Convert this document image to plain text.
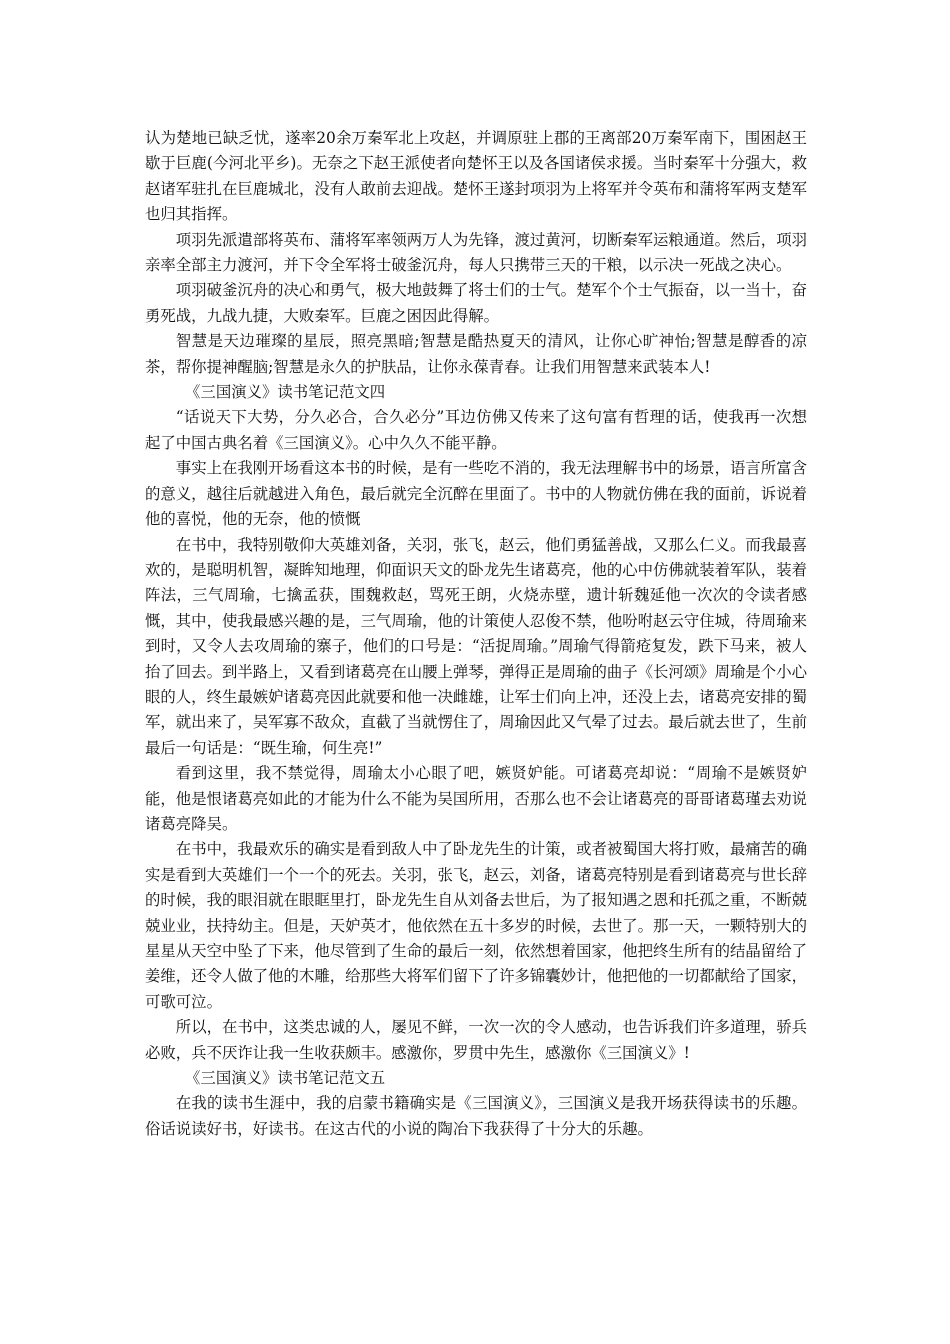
认为楚地已缺乏忧，遂率20余万秦军北上攻赵，并调原驻上郡的王离部20万秦军南下，围困赵王歇于巨鹿(今河北平乡)。无奈之下赵王派使者向楚怀王以及各国诸侯求援。当时秦军十分强大，救赵诸军驻扎在巨鹿城北，没有人敢前去迎战。楚怀王遂封项羽为上将军并令英布和蒲将军两支楚军也归其指挥。

项羽先派遣部将英布、蒲将军率领两万人为先锋，渡过黄河，切断秦军运粮通道。然后，项羽亲率全部主力渡河，并下令全军将士破釜沉舟，每人只携带三天的干粮，以示决一死战之决心。

项羽破釜沉舟的决心和勇气，极大地鼓舞了将士们的士气。楚军个个士气振奋，以一当十，奋勇死战，九战九捷，大败秦军。巨鹿之困因此得解。

智慧是天边璀璨的星辰，照亮黑暗;智慧是酷热夏天的清风，让你心旷神怡;智慧是醇香的凉茶，帮你提神醒脑;智慧是永久的护肤品，让你永葆青春。让我们用智慧来武装本人!

《三国演义》读书笔记范文四

“话说天下大势，分久必合，合久必分”耳边仿佛又传来了这句富有哲理的话，使我再一次想起了中国古典名着《三国演义》。心中久久不能平静。

事实上在我刚开场看这本书的时候，是有一些吃不消的，我无法理解书中的场景，语言所富含的意义，越往后就越进入角色，最后就完全沉醉在里面了。书中的人物就仿佛在我的面前，诉说着他的喜悦，他的无奈，他的愤慨

在书中，我特别敬仰大英雄刘备，关羽，张飞，赵云，他们勇猛善战，又那么仁义。而我最喜欢的，是聪明机智，凝眸知地理，仰面识天文的卧龙先生诸葛亮，他的心中仿佛就装着军队，装着阵法，三气周瑜，七擒孟获，围魏救赵，骂死王朗，火烧赤壁，遗计斩魏延他一次次的令读者感慨，其中，使我最感兴趣的是，三气周瑜，他的计策使人忍俊不禁，他吩咐赵云守住城，待周瑜来到时，又令人去攻周瑜的寨子，他们的口号是：“活捉周瑜。”周瑜气得箭疮复发，跌下马来，被人抬了回去。到半路上，又看到诸葛亮在山腰上弹琴，弹得正是周瑜的曲子《长河颂》周瑜是个小心眼的人，终生最嫉妒诸葛亮因此就要和他一决雌雄，让军士们向上冲，还没上去，诸葛亮安排的蜀军，就出来了，吴军寡不敌众，直截了当就愣住了，周瑜因此又气晕了过去。最后就去世了，生前最后一句话是：“既生瑜，何生亮!”

看到这里，我不禁觉得，周瑜太小心眼了吧，嫉贤妒能。可诸葛亮却说：“周瑜不是嫉贤妒能，他是恨诸葛亮如此的才能为什么不能为吴国所用，否那么也不会让诸葛亮的哥哥诸葛瑾去劝说诸葛亮降吴。

在书中，我最欢乐的确实是看到敌人中了卧龙先生的计策，或者被蜀国大将打败，最痛苦的确实是看到大英雄们一个一个的死去。关羽，张飞，赵云，刘备，诸葛亮特别是看到诸葛亮与世长辞的时候，我的眼泪就在眼眶里打，卧龙先生自从刘备去世后，为了报知遇之恩和托孤之重，不断兢兢业业，扶持幼主。但是，天妒英才，他依然在五十多岁的时候，去世了。那一天，一颗特别大的星星从天空中坠了下来，他尽管到了生命的最后一刻，依然想着国家，他把终生所有的结晶留给了姜维，还令人做了他的木雕，给那些大将军们留下了许多锦囊妙计，他把他的一切都献给了国家，可歌可泣。

所以，在书中，这类忠诚的人，屡见不鲜，一次一次的令人感动，也告诉我们许多道理，骄兵必败，兵不厌诈让我一生收获颇丰。感激你，罗贯中先生，感激你《三国演义》!

《三国演义》读书笔记范文五

在我的读书生涯中，我的启蒙书籍确实是《三国演义》，三国演义是我开场获得读书的乐趣。俗话说读好书，好读书。在这古代的小说的陶冶下我获得了十分大的乐趣。
